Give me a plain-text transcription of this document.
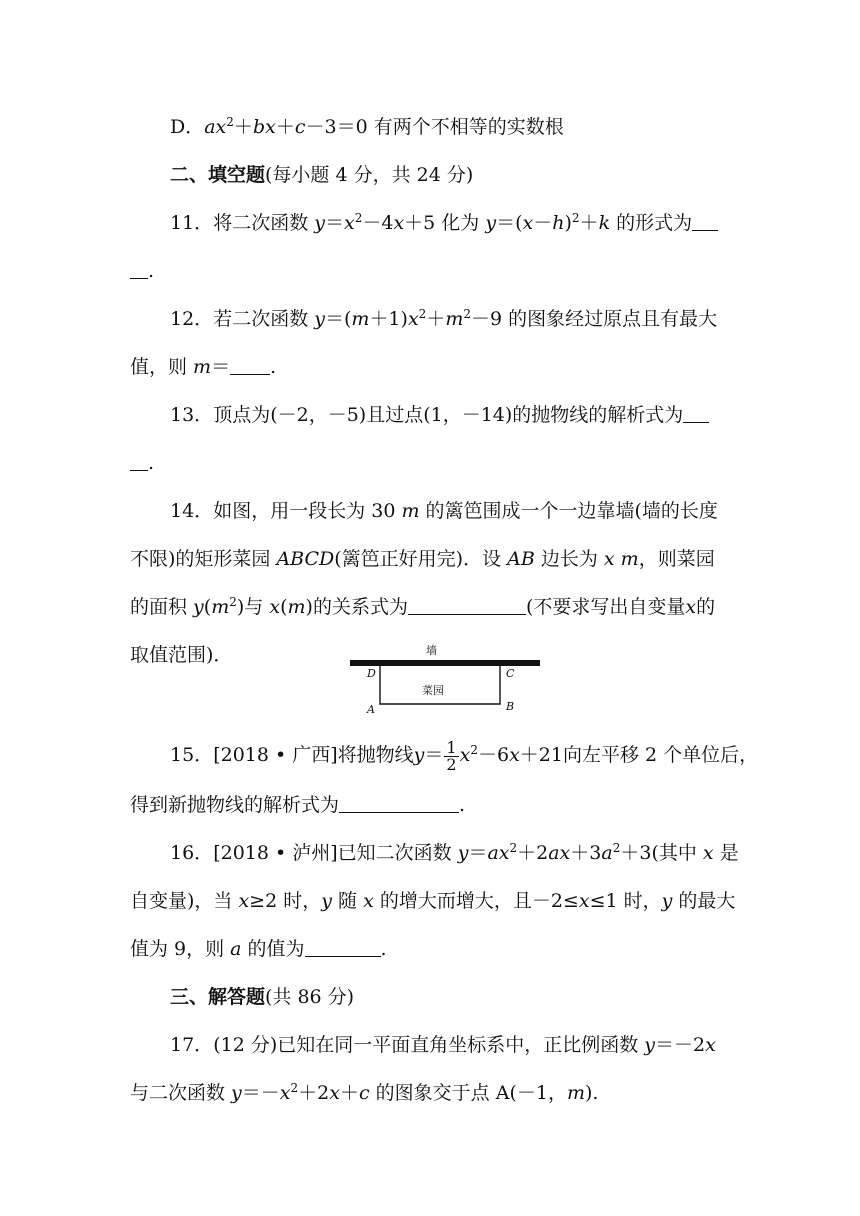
D．$ax^2+bx+c-3=0$ 有两个不相等的实数根
二、填空题(每小题 4 分，共 24 分)
11．将二次函数 $y=x^2-4x+5$ 化为 $y=(x-h)^2+k$ 的形式为
.
12．若二次函数 $y=(m+1)x^2+m^2-9$ 的图象经过原点且有最大
值，则 m＝ .
13．顶点为(－2，－5)且过点(1，－14)的抛物线的解析式为
.
14．如图，用一段长为 30 m 的篱笆围成一个一边靠墙(墙的长度
不限)的矩形菜园 ABCD(篱笆正好用完)．设 AB 边长为 x m，则菜园
的面积 $y(m^2)$与 x(m)的关系式为	(不要求写出自变量x的
取值范围)．	墙
菜园
D	C
A	B
15．[2018 • 广西]将抛物线$y= \frac{1}{2} x^2-6x+21$向左平移 2 个单位后，
得到新抛物线的解析式为	.
16．[2018 • 泸州]已知二次函数 $y=ax^2+2ax+3a^2+3$(其中 x 是
自变量)，当 x≥2 时，y 随 x 的增大而增大，且－2≤x≤1 时，y 的最大
值为 9，则 a 的值为	.
三、解答题(共 86 分)
17．(12 分)已知在同一平面直角坐标系中，正比例函数 y＝－2x
与二次函数 $y=-x^2+2x+c$ 的图象交于点 A(－1，m).
